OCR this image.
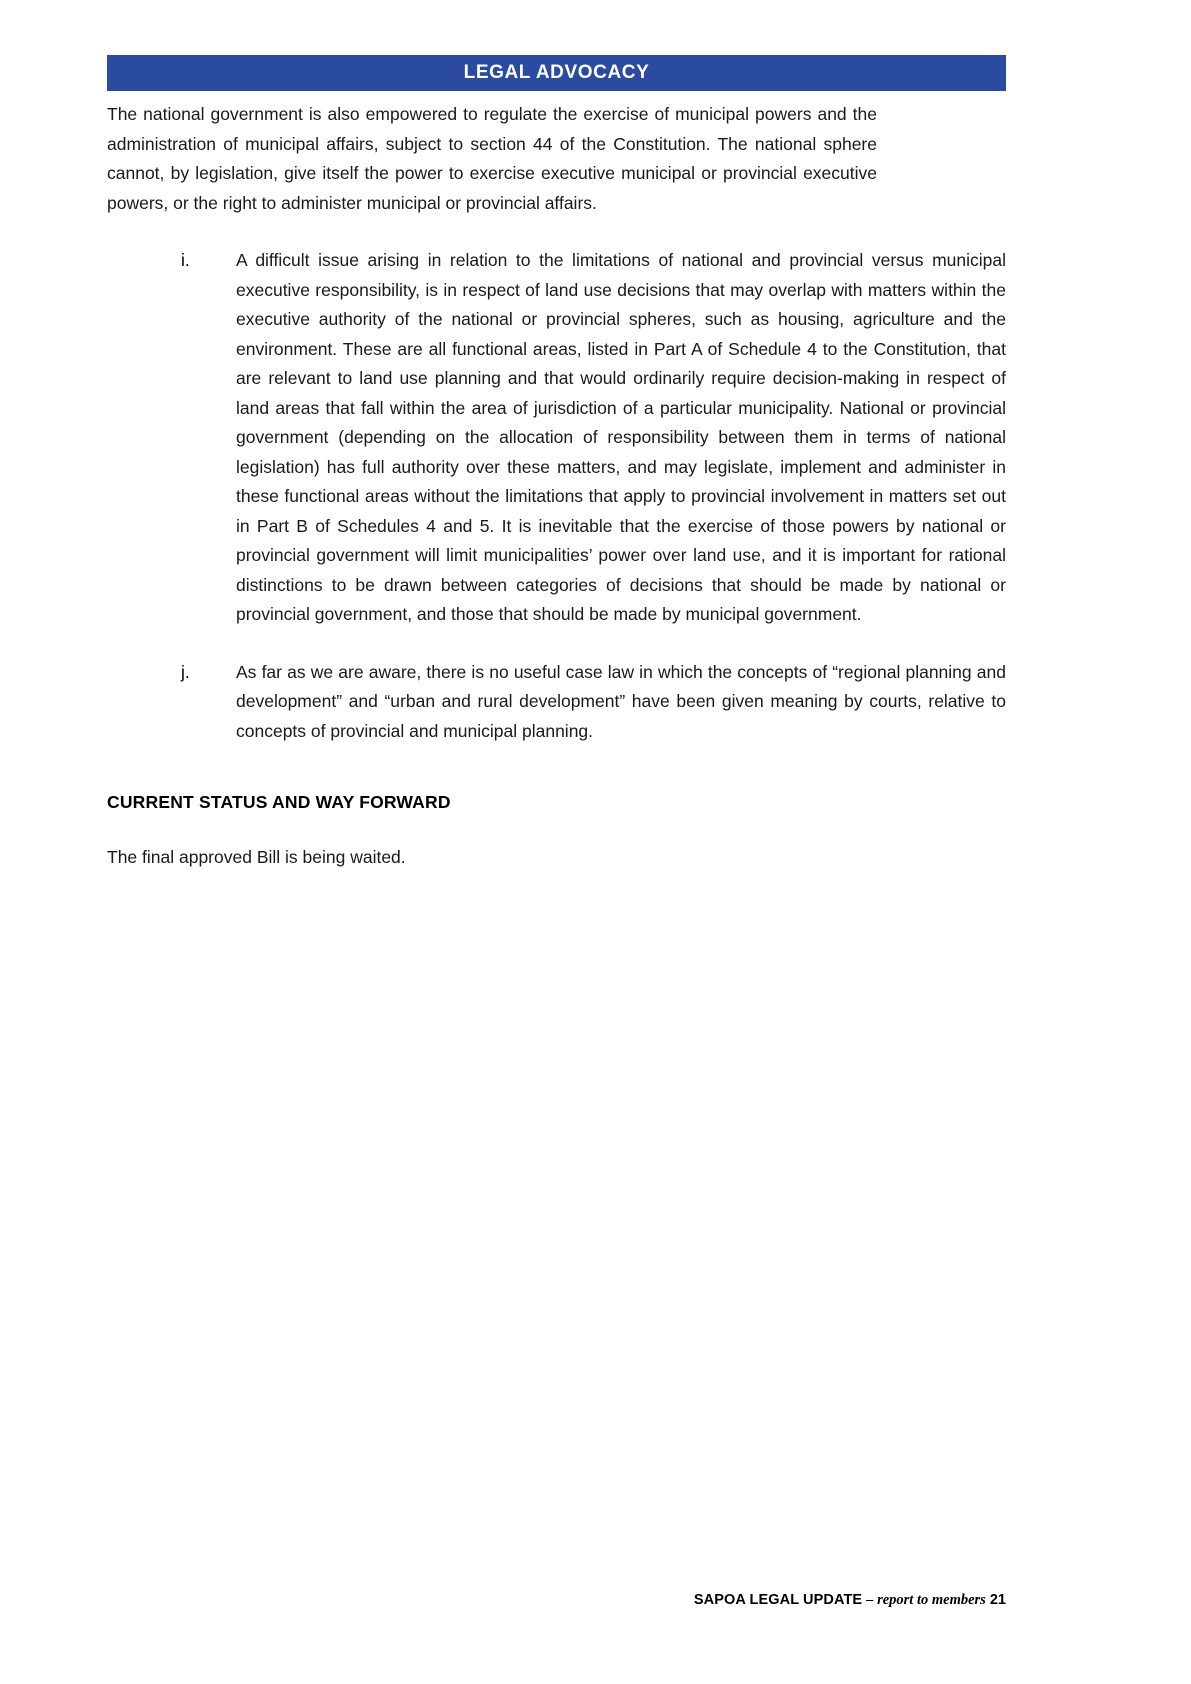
LEGAL ADVOCACY

The national government is also empowered to regulate the exercise of municipal powers and the administration of municipal affairs, subject to section 44 of the Constitution. The national sphere cannot, by legislation, give itself the power to exercise executive municipal or provincial executive powers, or the right to administer municipal or provincial affairs.

i.	A difficult issue arising in relation to the limitations of national and provincial versus municipal executive responsibility, is in respect of land use decisions that may overlap with matters within the executive authority of the national or provincial spheres, such as housing, agriculture and the environment. These are all functional areas, listed in Part A of Schedule 4 to the Constitution, that are relevant to land use planning and that would ordinarily require decision-making in respect of land areas that fall within the area of jurisdiction of a particular municipality. National or provincial government (depending on the allocation of responsibility between them in terms of national legislation) has full authority over these matters, and may legislate, implement and administer in these functional areas without the limitations that apply to provincial involvement in matters set out in Part B of Schedules 4 and 5. It is inevitable that the exercise of those powers by national or provincial government will limit municipalities’ power over land use, and it is important for rational distinctions to be drawn between categories of decisions that should be made by national or provincial government, and those that should be made by municipal government.
j.	As far as we are aware, there is no useful case law in which the concepts of “regional planning and development” and “urban and rural development” have been given meaning by courts, relative to concepts of provincial and municipal planning.
CURRENT STATUS AND WAY FORWARD

The final approved Bill is being waited.

SAPOA LEGAL UPDATE – report to members 21
